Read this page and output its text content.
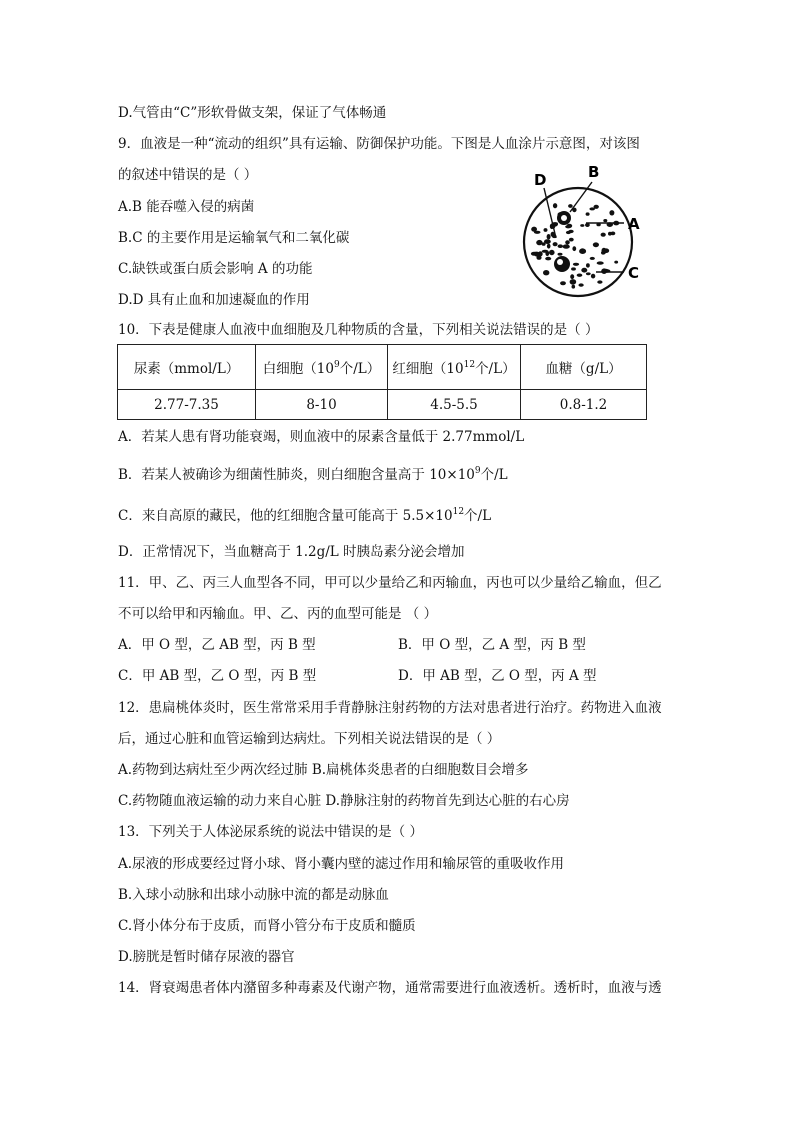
D.气管由“C”形软骨做支架，保证了气体畅通
9．血液是一种“流动的组织”具有运输、防御保护功能。下图是人血涂片示意图，对该图
的叙述中错误的是（ ）
A.B 能吞噬入侵的病菌
B.C 的主要作用是运输氧气和二氧化碳
C.缺铁或蛋白质会影响 A 的功能
D.D 具有止血和加速凝血的作用
A
B
C
D
10．下表是健康人血液中血细胞及几种物质的含量，下列相关说法错误的是（ ）
尿素（mmol/L）	白细胞（$10^9$个/L）	红细胞（$10^{12}$个/L）	血糖（g/L）
2.77-7.35	8-10	4.5-5.5	0.8-1.2
A．若某人患有肾功能衰竭，则血液中的尿素含量低于 2.77mmol/L
B．若某人被确诊为细菌性肺炎，则白细胞含量高于 $10\times 10^9$个/L
C．来自高原的藏民，他的红细胞含量可能高于 $5.5\times 10^{12}$个/L
D．正常情况下，当血糖高于 1.2g/L 时胰岛素分泌会增加
11．甲、乙、丙三人血型各不同，甲可以少量给乙和丙输血，丙也可以少量给乙输血，但乙
不可以给甲和丙输血。甲、乙、丙的血型可能是 （ ）
A．甲 O 型，乙 AB 型，丙 B 型	B．甲 O 型，乙 A 型，丙 B 型
C．甲 AB 型，乙 O 型，丙 B 型	D．甲 AB 型，乙 O 型，丙 A 型
12．患扁桃体炎时，医生常常采用手背静脉注射药物的方法对患者进行治疗。药物进入血液
后，通过心脏和血管运输到达病灶。下列相关说法错误的是（ ）
A.药物到达病灶至少两次经过肺 B.扁桃体炎患者的白细胞数目会增多
C.药物随血液运输的动力来自心脏 D.静脉注射的药物首先到达心脏的右心房
13．下列关于人体泌尿系统的说法中错误的是（ ）
A.尿液的形成要经过肾小球、肾小囊内壁的滤过作用和输尿管的重吸收作用
B.入球小动脉和出球小动脉中流的都是动脉血
C.肾小体分布于皮质，而肾小管分布于皮质和髓质
D.膀胱是暂时储存尿液的器官
14．肾衰竭患者体内潴留多种毒素及代谢产物，通常需要进行血液透析。透析时，血液与透
